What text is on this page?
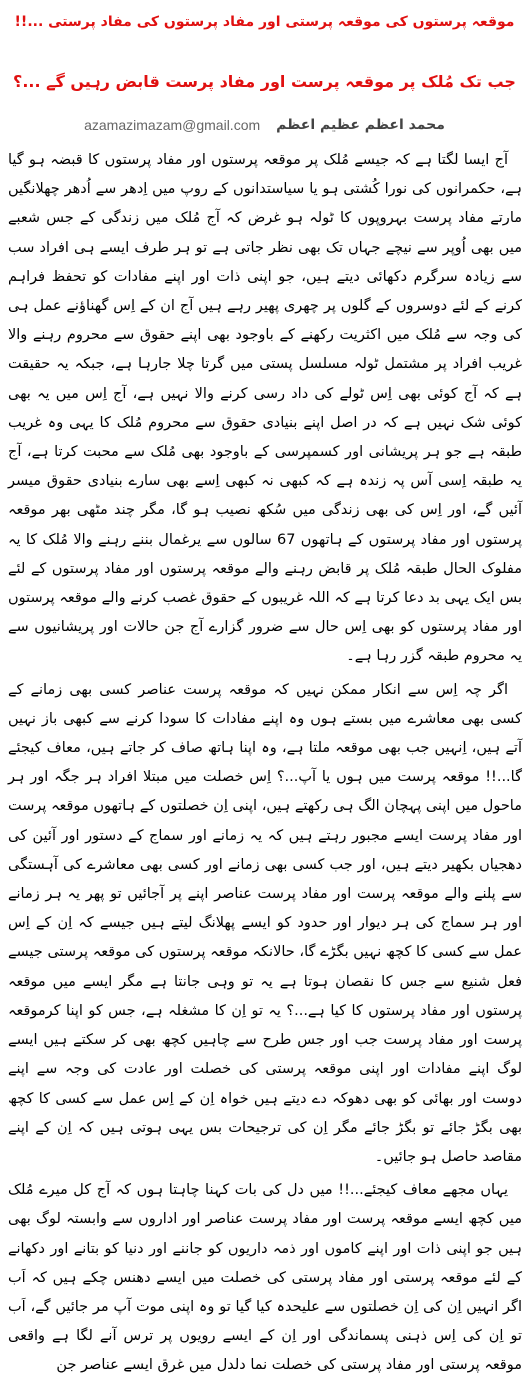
موقعہ پرستوں کی موقعہ پرستی اور مفاد پرستوں کی مفاد پرستی ...!!
جب تک مُلک پر موقعہ پرست اور مفاد پرست قابض رہیں گے ...؟
azamazimazam@gmail.com محمد اعظم عظیم اعظم

آج ایسا لگتا ہے کہ جیسے مُلک پر موقعہ پرستوں اور مفاد پرستوں کا قبضہ ہو گیا ہے، حکمرانوں کی نورا کُشتی ہو یا سیاستدانوں کے روپ میں اِدھر سے اُدھر چھلانگیں مارتے مفاد پرست بہروپوں کا ٹولہ ہو غرض کہ آج مُلک میں زندگی کے جس شعبے میں بھی اُوپر سے نیچے جہاں تک بھی نظر جاتی ہے تو ہر طرف ایسے ہی افراد سب سے زیادہ سرگرم دکھائی دیتے ہیں، جو اپنی ذات اور اپنے مفادات کو تحفظ فراہم کرنے کے لئے دوسروں کے گلوں پر چھری پھیر رہے ہیں آج ان کے اِس گھناؤنے عمل ہی کی وجہ سے مُلک میں اکثریت رکھنے کے باوجود بھی اپنے حقوق سے محروم رہنے والا غریب افراد پر مشتمل ٹولہ مسلسل پستی میں گرتا چلا جارہا ہے، جبکہ یہ حقیقت ہے کہ آج کوئی بھی اِس ٹولے کی داد رسی کرنے والا نہیں ہے، آج اِس میں یہ بھی کوئی شک نہیں ہے کہ در اصل اپنے بنیادی حقوق سے محروم مُلک کا یہی وہ غریب طبقہ ہے جو ہر پریشانی اور کسمپرسی کے باوجود بھی مُلک سے محبت کرتا ہے، آج یہ طبقہ اِسی آس پہ زندہ ہے کہ کبھی نہ کبھی اِسے بھی سارے بنیادی حقوق میسر آئیں گے، اور اِس کی بھی زندگی میں سُکھ نصیب ہو گا، مگر چند مٹھی بھر موقعہ پرستوں اور مفاد پرستوں کے ہاتھوں 67 سالوں سے یرغمال بننے رہنے والا مُلک کا یہ مفلوک الحال طبقہ مُلک پر قابض رہنے والے موقعہ پرستوں اور مفاد پرستوں کے لئے بس ایک یہی بد دعا کرتا ہے کہ اللہ غریبوں کے حقوق غصب کرنے والے موقعہ پرستوں اور مفاد پرستوں کو بھی اِس حال سے ضرور گزارے آج جن حالات اور پریشانیوں سے یہ محروم طبقہ گزر رہا ہے۔

اگر چہ اِس سے انکار ممکن نہیں کہ موقعہ پرست عناصر کسی بھی زمانے کے کسی بھی معاشرے میں بستے ہوں وہ اپنے مفادات کا سودا کرنے سے کبھی باز نہیں آتے ہیں، اِنہیں جب بھی موقعہ ملتا ہے، وہ اپنا ہاتھ صاف کر جاتے ہیں، معاف کیجئے گا...!! موقعہ پرست میں ہوں یا آپ...؟ اِس خصلت میں مبتلا افراد ہر جگہ اور ہر ماحول میں اپنی پہچان الگ ہی رکھتے ہیں، اپنی اِن خصلتوں کے ہاتھوں موقعہ پرست اور مفاد پرست ایسے مجبور رہتے ہیں کہ یہ زمانے اور سماج کے دستور اور آئین کی دھجیاں بکھیر دیتے ہیں، اور جب کسی بھی زمانے اور کسی بھی معاشرے کی آہستگی سے پلنے والے موقعہ پرست اور مفاد پرست عناصر اپنے پر آجائیں تو پھر یہ ہر زمانے اور ہر سماج کی ہر دیوار اور حدود کو ایسے پھلانگ لیتے ہیں جیسے کہ اِن کے اِس عمل سے کسی کا کچھ نہیں بگڑے گا، حالانکہ موقعہ پرستوں کی موقعہ پرستی جیسے فعل شنیع سے جس کا نقصان ہوتا ہے یہ تو وہی جانتا ہے مگر ایسے میں موقعہ پرستوں اور مفاد پرستوں کا کیا ہے...؟ یہ تو اِن کا مشغلہ ہے، جس کو اپنا کرموقعہ پرست اور مفاد پرست جب اور جس طرح سے چاہیں کچھ بھی کر سکتے ہیں ایسے لوگ اپنے مفادات اور اپنی موقعہ پرستی کی خصلت اور عادت کی وجہ سے اپنے دوست اور بھائی کو بھی دھوکہ دے دیتے ہیں خواہ اِن کے اِس عمل سے کسی کا کچھ بھی بگڑ جائے تو بگڑ جائے مگر اِن کی ترجیحات بس یہی ہوتی ہیں کہ اِن کے اپنے مقاصد حاصل ہو جائیں۔

یہاں مجھے معاف کیجئے...!! میں دل کی بات کہنا چاہتا ہوں کہ آج کل میرے مُلک میں کچھ ایسے موقعہ پرست اور مفاد پرست عناصر اور اداروں سے وابستہ لوگ بھی ہیں جو اپنی ذات اور اپنے کاموں اور ذمہ داریوں کو جاننے اور دنیا کو بتانے اور دکھانے کے لئے موقعہ پرستی اور مفاد پرستی کی خصلت میں ایسے دھنس چکے ہیں کہ اَب اگر انہیں اِن کی اِن خصلتوں سے علیحدہ کیا گیا تو وہ اپنی موت آپ مر جائیں گے، اَب تو اِن کی اِس ذہنی پسماندگی اور اِن کے ایسے رویوں پر ترس آنے لگا ہے واقعی موقعہ پرستی اور مفاد پرستی کی خصلت نما دلدل میں غرق ایسے عناصر جن
